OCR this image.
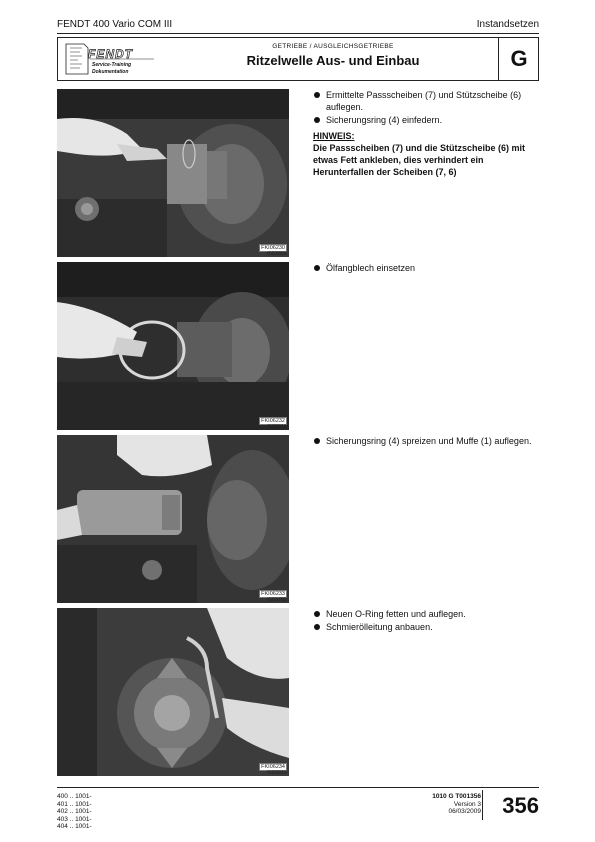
FENDT 400 Vario COM III	Instandsetzen
FENDT
Service-Training
Dokumentation
GETRIEBE / AUSGLEICHSGETRIEBE
Ritzelwelle Aus- und Einbau	G
FKI06230
I003806
FKI06232
I003815
FKI06233
I003785
FKI06234
I003816
Ermittelte Passscheiben (7) und Stützscheibe (6) auflegen.
Sicherungsring (4) einfedern.
HINWEIS:
Die Passscheiben (7) und die Stützscheibe (6) mit etwas Fett ankleben, dies verhindert ein Herunterfallen der Scheiben (7, 6)
Ölfangblech einsetzen
Sicherungsring (4) spreizen und Muffe (1) auflegen.
Neuen O-Ring fetten und auflegen.
Schmierölleitung anbauen.
400 .. 1001-
401 .. 1001-
402 .. 1001-
403 .. 1001-
404 .. 1001-
1010 G T001356
Version 3
06/03/2009 356
